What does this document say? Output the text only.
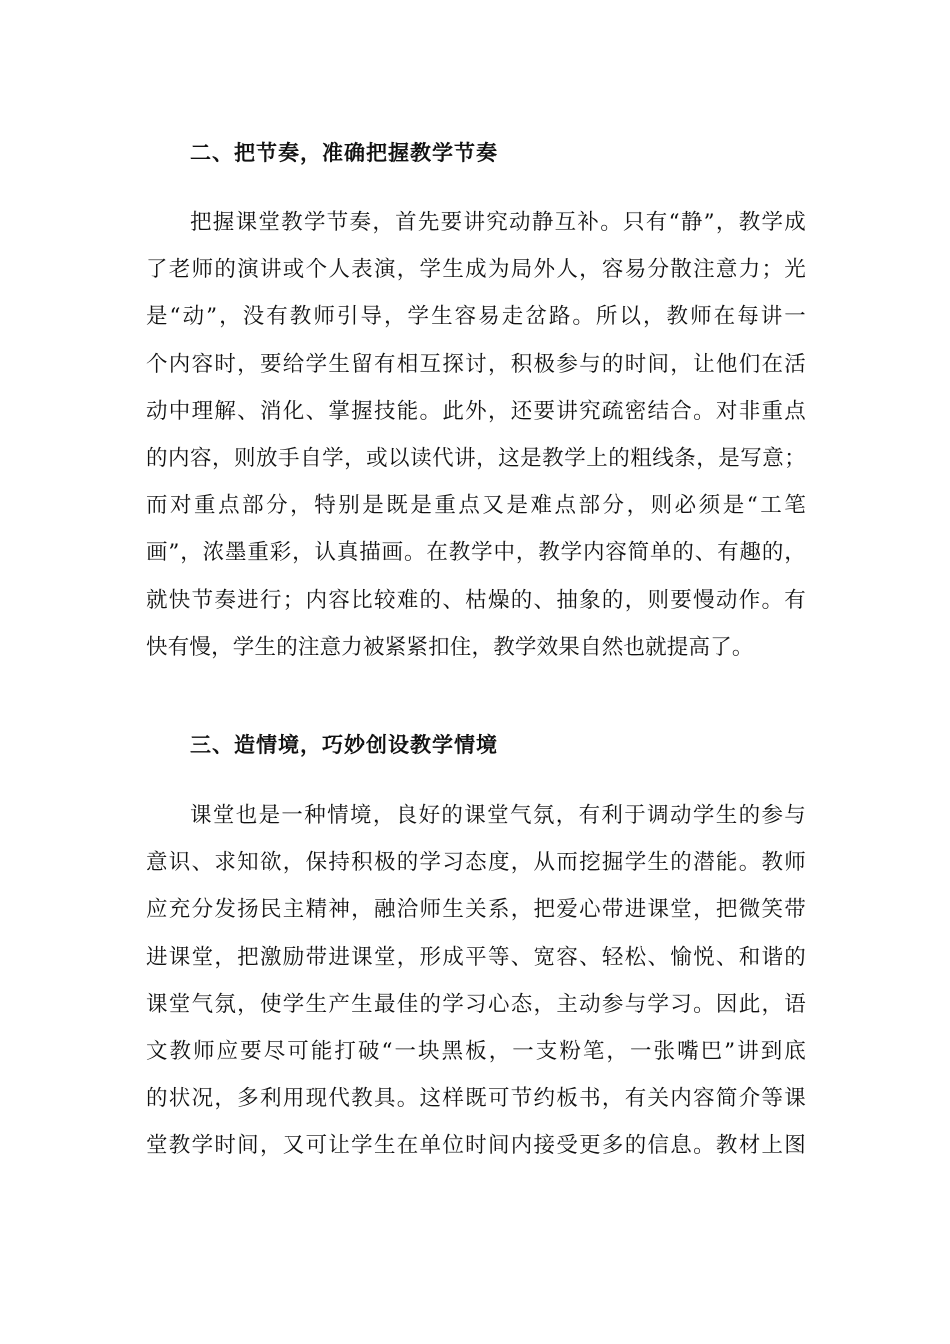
二、把节奏，准确把握教学节奏
把握课堂教学节奏，首先要讲究动静互补。只有“静”，教学成
了老师的演讲或个人表演，学生成为局外人，容易分散注意力；光
是“动”，没有教师引导，学生容易走岔路。所以，教师在每讲一
个内容时，要给学生留有相互探讨，积极参与的时间，让他们在活
动中理解、消化、掌握技能。此外，还要讲究疏密结合。对非重点
的内容，则放手自学，或以读代讲，这是教学上的粗线条，是写意；
而对重点部分，特别是既是重点又是难点部分，则必须是“工笔
画”，浓墨重彩，认真描画。在教学中，教学内容简单的、有趣的，
就快节奏进行；内容比较难的、枯燥的、抽象的，则要慢动作。有
快有慢，学生的注意力被紧紧扣住，教学效果自然也就提高了。
三、造情境，巧妙创设教学情境
课堂也是一种情境，良好的课堂气氛，有利于调动学生的参与
意识、求知欲，保持积极的学习态度，从而挖掘学生的潜能。教师
应充分发扬民主精神，融洽师生关系，把爱心带进课堂，把微笑带
进课堂，把激励带进课堂，形成平等、宽容、轻松、愉悦、和谐的
课堂气氛，使学生产生最佳的学习心态，主动参与学习。因此，语
文教师应要尽可能打破“一块黑板，一支粉笔，一张嘴巴”讲到底
的状况，多利用现代教具。这样既可节约板书，有关内容简介等课
堂教学时间，又可让学生在单位时间内接受更多的信息。教材上图
